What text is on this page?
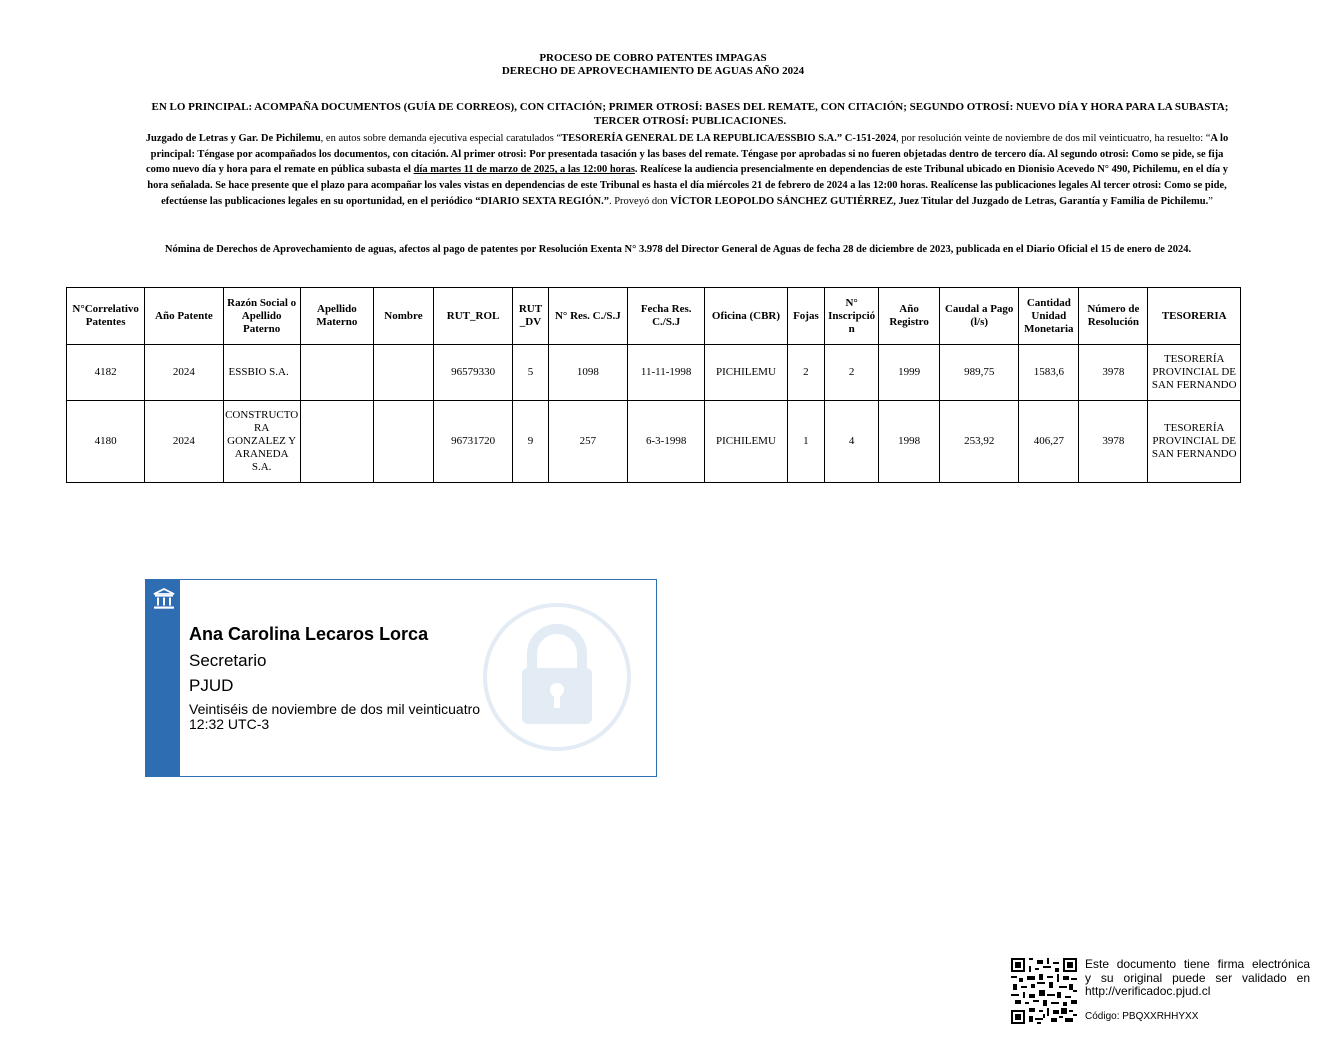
PROCESO DE COBRO PATENTES IMPAGAS
DERECHO DE APROVECHAMIENTO DE AGUAS AÑO 2024
EN LO PRINCIPAL: ACOMPAÑA DOCUMENTOS (GUÍA DE CORREOS), CON CITACIÓN; PRIMER OTROSÍ: BASES DEL REMATE, CON CITACIÓN; SEGUNDO OTROSÍ: NUEVO DÍA Y HORA PARA LA SUBASTA; TERCER OTROSÍ: PUBLICACIONES.
Juzgado de Letras y Gar. De Pichilemu, en autos sobre demanda ejecutiva especial caratulados “TESORERÍA GENERAL DE LA REPUBLICA/ESSBIO S.A.” C-151-2024, por resolución veinte de noviembre de dos mil veinticuatro, ha resuelto: “A lo principal: Téngase por acompañados los documentos, con citación. Al primer otrosi: Por presentada tasación y las bases del remate. Téngase por aprobadas si no fueren objetadas dentro de tercero día. Al segundo otrosi: Como se pide, se fija como nuevo día y hora para el remate en pública subasta el día martes 11 de marzo de 2025, a las 12:00 horas. Realícese la audiencia presencialmente en dependencias de este Tribunal ubicado en Dionisio Acevedo N° 490, Pichilemu, en el día y hora señalada. Se hace presente que el plazo para acompañar los vales vistas en dependencias de este Tribunal es hasta el día miércoles 21 de febrero de 2024 a las 12:00 horas. Realícense las publicaciones legales Al tercer otrosi: Como se pide, efectúense las publicaciones legales en su oportunidad, en el periódico “DIARIO SEXTA REGIÓN.”. Proveyó don VÍCTOR LEOPOLDO SÁNCHEZ GUTIÉRREZ, Juez Titular del Juzgado de Letras, Garantía y Familia de Pichilemu.”
Nómina de Derechos de Aprovechamiento de aguas, afectos al pago de patentes por Resolución Exenta N° 3.978 del Director General de Aguas de fecha 28 de diciembre de 2023, publicada en el Diario Oficial el 15 de enero de 2024.
N°Correlativo Patentes	Año Patente	Razón Social o Apellido Paterno	Apellido Materno	Nombre	RUT_ROL	RUT _DV	N° Res. C./S.J	Fecha Res. C./S.J	Oficina (CBR)	Fojas	N° Inscripción	Año Registro	Caudal a Pago (l/s)	Cantidad Unidad Monetaria	Número de Resolución	TESORERIA
4182	2024	ESSBIO S.A.			96579330	5	1098	11-11-1998	PICHILEMU	2	2	1999	989,75	1583,6	3978	TESORERÍA PROVINCIAL DE SAN FERNANDO
4180	2024	CONSTRUCTORA GONZALEZ Y ARANEDA S.A.			96731720	9	257	6-3-1998	PICHILEMU	1	4	1998	253,92	406,27	3978	TESORERÍA PROVINCIAL DE SAN FERNANDO
Ana Carolina Lecaros Lorca
Secretario
PJUD
Veintiséis de noviembre de dos mil veinticuatro
12:32 UTC-3
Este documento tiene firma electrónica
y su original puede ser validado en
http://verificadoc.pjud.cl
Código: PBQXXRHHYXX
